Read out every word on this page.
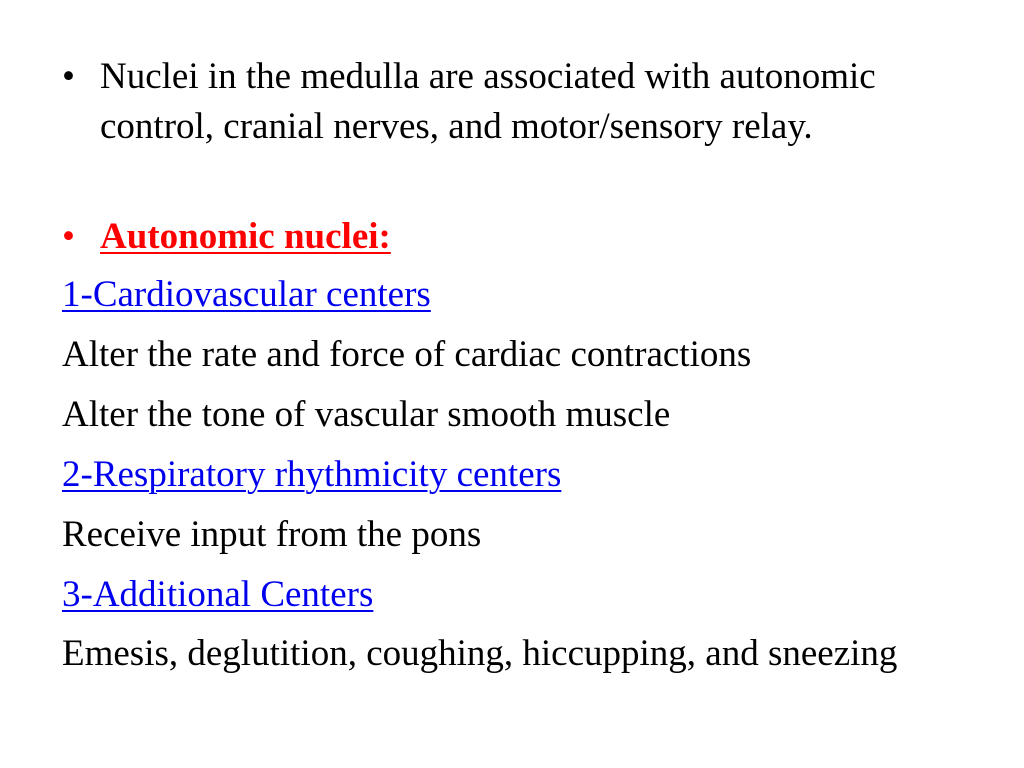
• Nuclei in the medulla are associated with autonomic control, cranial nerves, and motor/sensory relay.
• Autonomic nuclei:
1-Cardiovascular centers
Alter the rate and force of cardiac contractions
Alter the tone of vascular smooth muscle
2-Respiratory rhythmicity centers
Receive input from the pons
3-Additional Centers
Emesis, deglutition, coughing, hiccupping, and sneezing
